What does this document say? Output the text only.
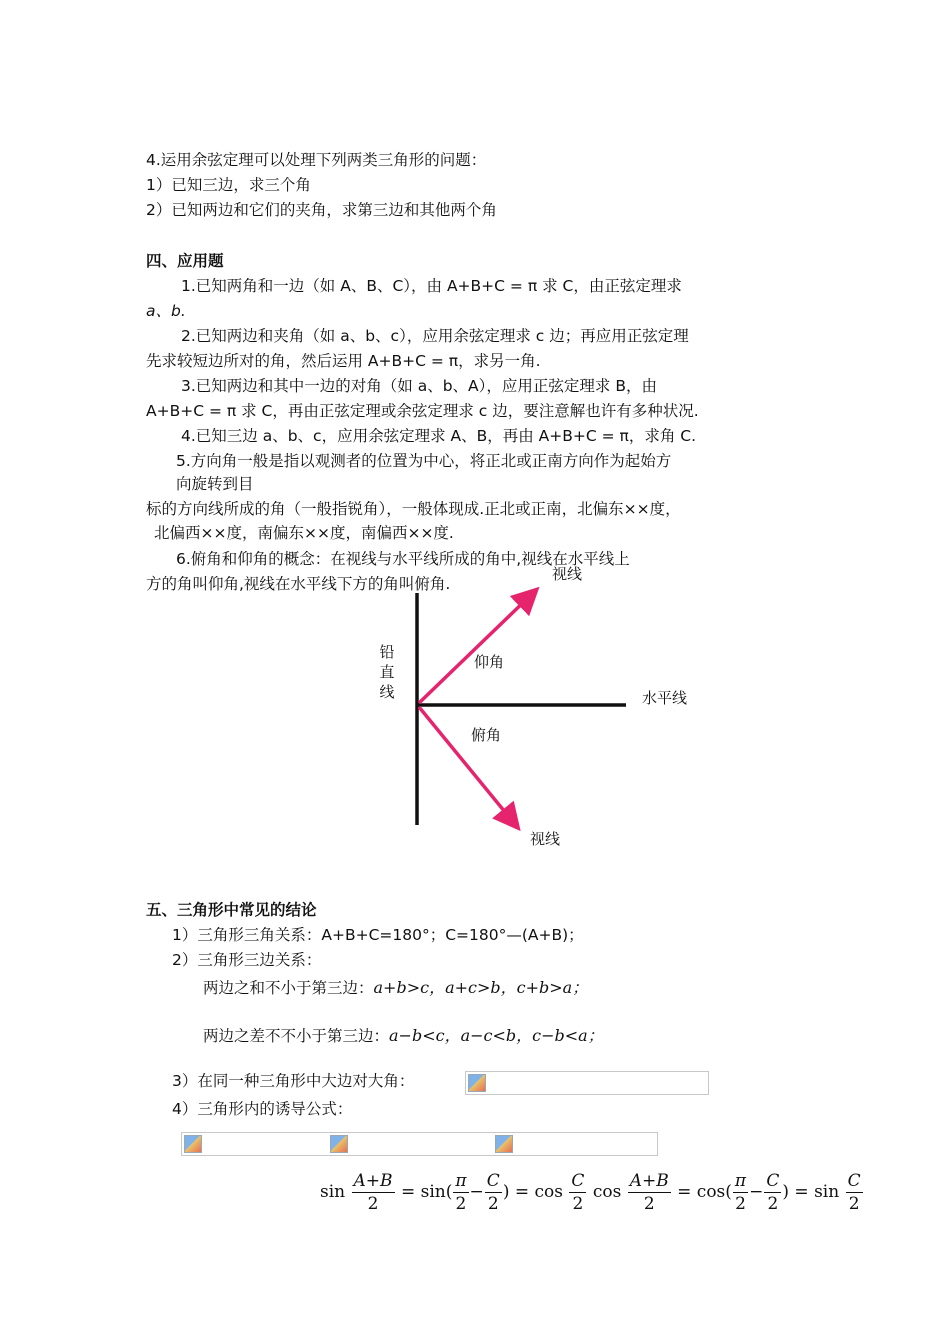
4.运用余弦定理可以处理下列两类三角形的问题：
1）已知三边，求三个角
2）已知两边和它们的夹角，求第三边和其他两个角
四、应用题
1.已知两角和一边（如 A、B、C），由 A+B+C = π 求 C，由正弦定理求
a、b.
2.已知两边和夹角（如 a、b、c），应用余弦定理求 c 边；再应用正弦定理
先求较短边所对的角，然后运用 A+B+C = π，求另一角.
3.已知两边和其中一边的对角（如 a、b、A），应用正弦定理求 B，由
A+B+C = π 求 C，再由正弦定理或余弦定理求 c 边，要注意解也许有多种状况.
4.已知三边 a、b、c，应用余弦定理求 A、B，再由 A+B+C = π，求角 C.
5.方向角一般是指以观测者的位置为中心，将正北或正南方向作为起始方
向旋转到目
标的方向线所成的角（一般指锐角），一般体现成.正北或正南，北偏东××度，
北偏西××度，南偏东××度，南偏西××度.
6.俯角和仰角的概念：在视线与水平线所成的角中,视线在水平线上
方的角叫仰角,视线在水平线下方的角叫俯角.
铅
直
线	水平线
视线
视线
仰角
俯角
五、三角形中常见的结论
1）三角形三角关系：A+B+C=180°；C=180°—(A+B)；
2）三角形三边关系：
两边之和不小于第三边：a+b>c，a+c>b，c+b>a；
两边之差不不小于第三边：a−b<c，a−c<b，c−b<a；
3）在同一种三角形中大边对大角：
4）三角形内的诱导公式：
$\sin \frac{A+B}{2} = \sin( \frac{\pi}{2} - \frac{C}{2}$ ) = $\cos \frac{C}{2}$ $\cos \frac{A+B}{2} = \cos( \frac{\pi}{2} - \frac{C}{2}$ ) = $\sin \frac{C}{2}$
